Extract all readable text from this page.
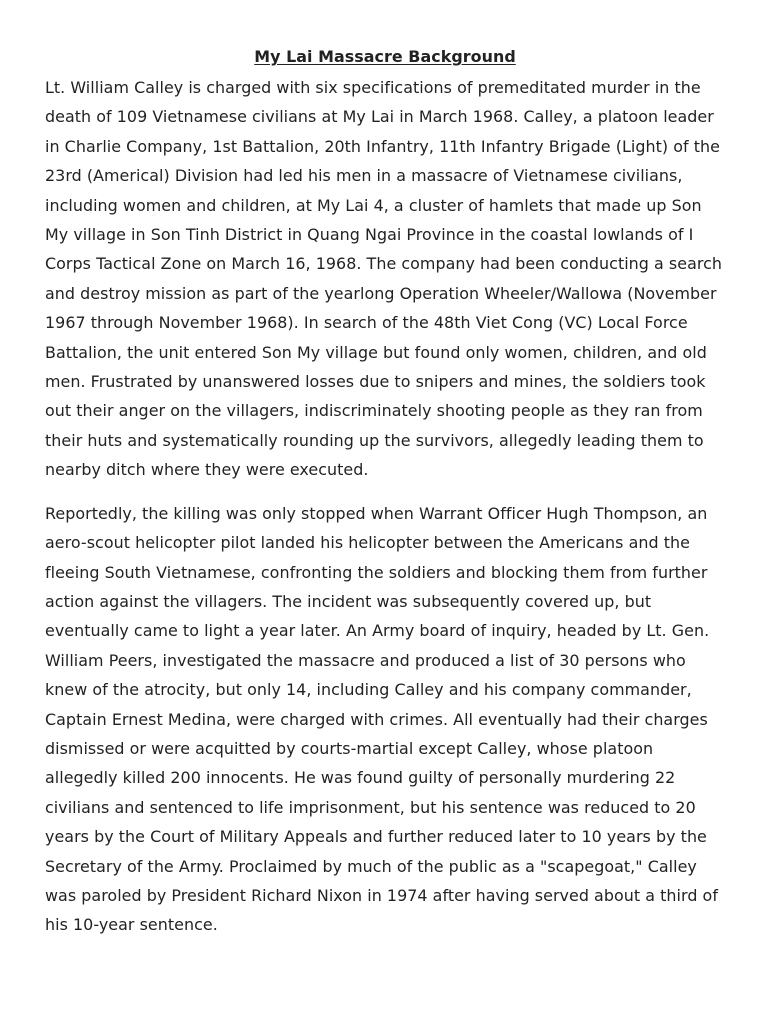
My Lai Massacre Background

Lt. William Calley is charged with six specifications of premeditated murder in the death of 109 Vietnamese civilians at My Lai in March 1968. Calley, a platoon leader in Charlie Company, 1st Battalion, 20th Infantry, 11th Infantry Brigade (Light) of the 23rd (Americal) Division had led his men in a massacre of Vietnamese civilians, including women and children, at My Lai 4, a cluster of hamlets that made up Son My village in Son Tinh District in Quang Ngai Province in the coastal lowlands of I Corps Tactical Zone on March 16, 1968. The company had been conducting a search and destroy mission as part of the yearlong Operation Wheeler/Wallowa (November 1967 through November 1968). In search of the 48th Viet Cong (VC) Local Force Battalion, the unit entered Son My village but found only women, children, and old men. Frustrated by unanswered losses due to snipers and mines, the soldiers took out their anger on the villagers, indiscriminately shooting people as they ran from their huts and systematically rounding up the survivors, allegedly leading them to nearby ditch where they were executed.

Reportedly, the killing was only stopped when Warrant Officer Hugh Thompson, an aero-scout helicopter pilot landed his helicopter between the Americans and the fleeing South Vietnamese, confronting the soldiers and blocking them from further action against the villagers. The incident was subsequently covered up, but eventually came to light a year later. An Army board of inquiry, headed by Lt. Gen. William Peers, investigated the massacre and produced a list of 30 persons who knew of the atrocity, but only 14, including Calley and his company commander, Captain Ernest Medina, were charged with crimes. All eventually had their charges dismissed or were acquitted by courts-martial except Calley, whose platoon allegedly killed 200 innocents. He was found guilty of personally murdering 22 civilians and sentenced to life imprisonment, but his sentence was reduced to 20 years by the Court of Military Appeals and further reduced later to 10 years by the Secretary of the Army. Proclaimed by much of the public as a "scapegoat," Calley was paroled by President Richard Nixon in 1974 after having served about a third of his 10-year sentence.
